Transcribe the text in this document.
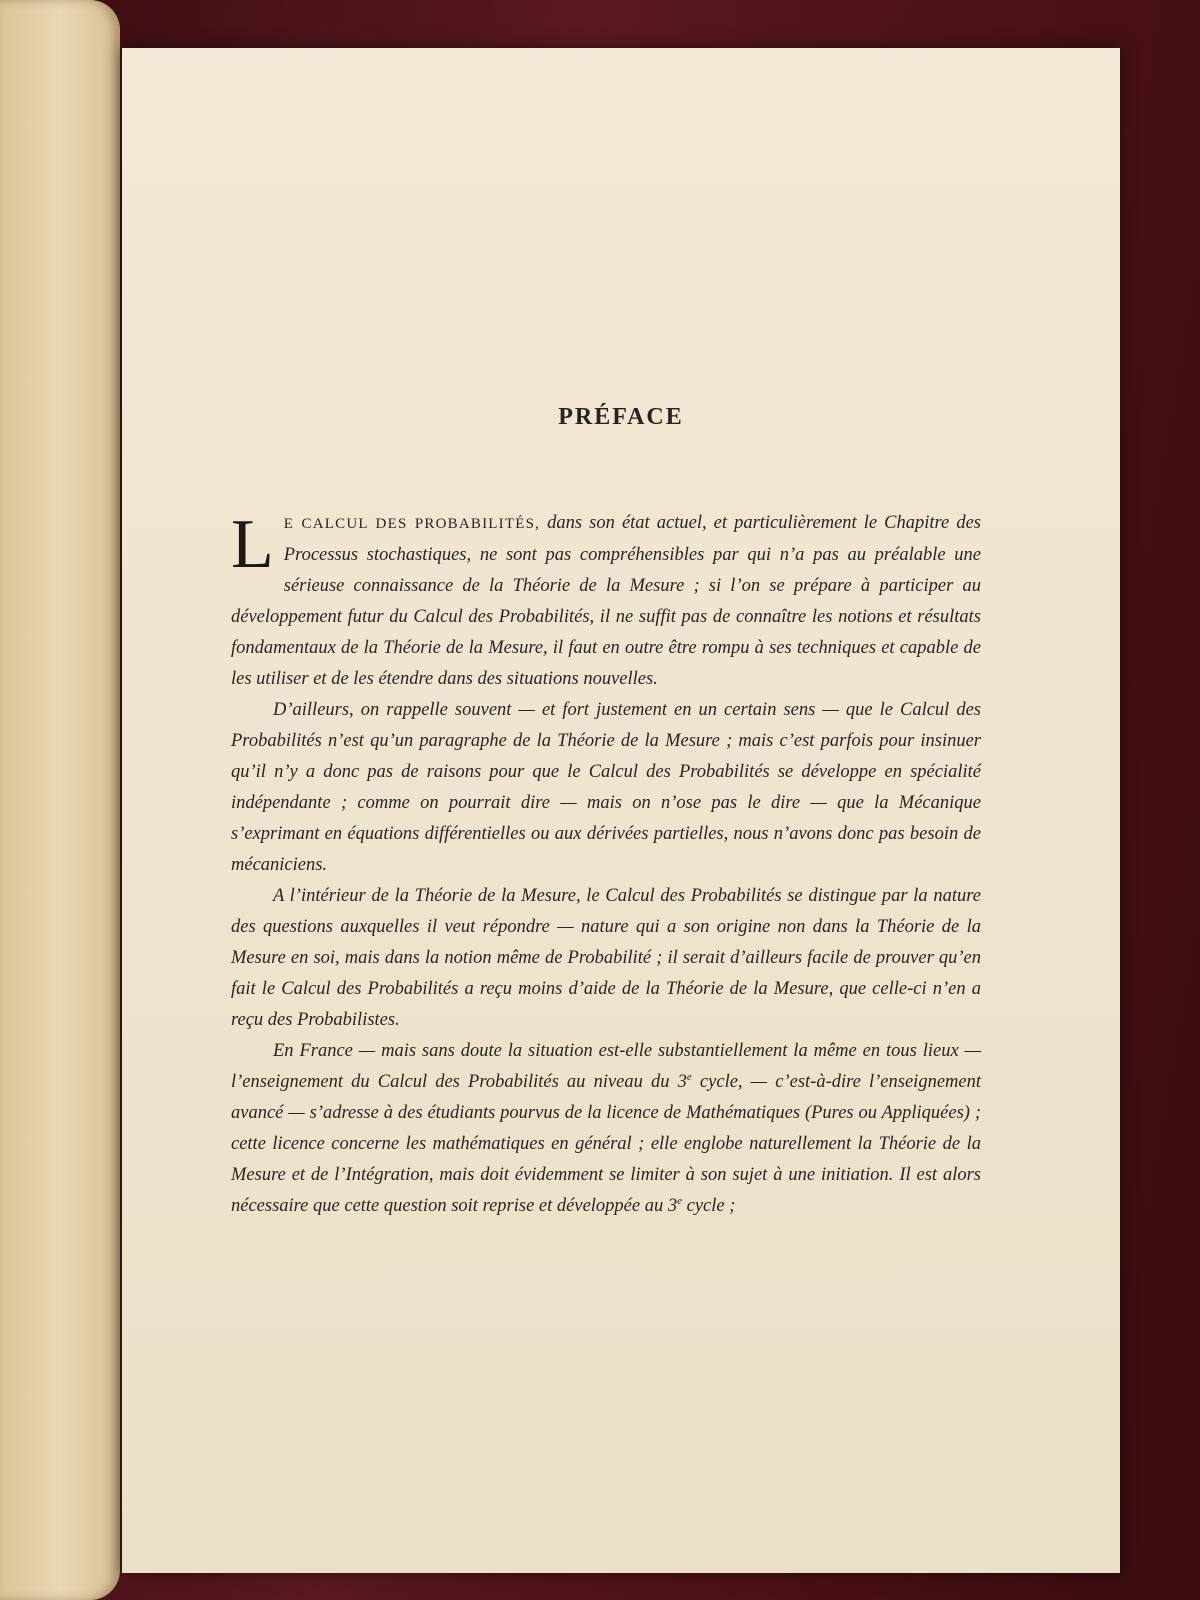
PRÉFACE

L E CALCUL DES PROBABILITÉS, dans son état actuel, et particulièrement le Chapitre des Processus stochastiques, ne sont pas compréhensibles par qui n’a pas au préalable une sérieuse connaissance de la Théorie de la Mesure ; si l’on se prépare à participer au développement futur du Calcul des Probabilités, il ne suffit pas de connaître les notions et résultats fondamentaux de la Théorie de la Mesure, il faut en outre être rompu à ses techniques et capable de les utiliser et de les étendre dans des situations nouvelles.

D’ailleurs, on rappelle souvent — et fort justement en un certain sens — que le Calcul des Probabilités n’est qu’un paragraphe de la Théorie de la Mesure ; mais c’est parfois pour insinuer qu’il n’y a donc pas de raisons pour que le Calcul des Probabilités se développe en spécialité indépendante ; comme on pourrait dire — mais on n’ose pas le dire — que la Mécanique s’exprimant en équations différentielles ou aux dérivées partielles, nous n’avons donc pas besoin de mécaniciens.

A l’intérieur de la Théorie de la Mesure, le Calcul des Probabilités se distingue par la nature des questions auxquelles il veut répondre — nature qui a son origine non dans la Théorie de la Mesure en soi, mais dans la notion même de Probabilité ; il serait d’ailleurs facile de prouver qu’en fait le Calcul des Probabilités a reçu moins d’aide de la Théorie de la Mesure, que celle-ci n’en a reçu des Probabilistes.

En France — mais sans doute la situation est-elle substantiellement la même en tous lieux — l’enseignement du Calcul des Probabilités au niveau du 3e cycle, — c’est-à-dire l’enseignement avancé — s’adresse à des étudiants pourvus de la licence de Mathématiques (Pures ou Appliquées) ; cette licence concerne les mathématiques en général ; elle englobe naturellement la Théorie de la Mesure et de l’Intégration, mais doit évidemment se limiter à son sujet à une initiation. Il est alors nécessaire que cette question soit reprise et développée au 3e cycle ;
